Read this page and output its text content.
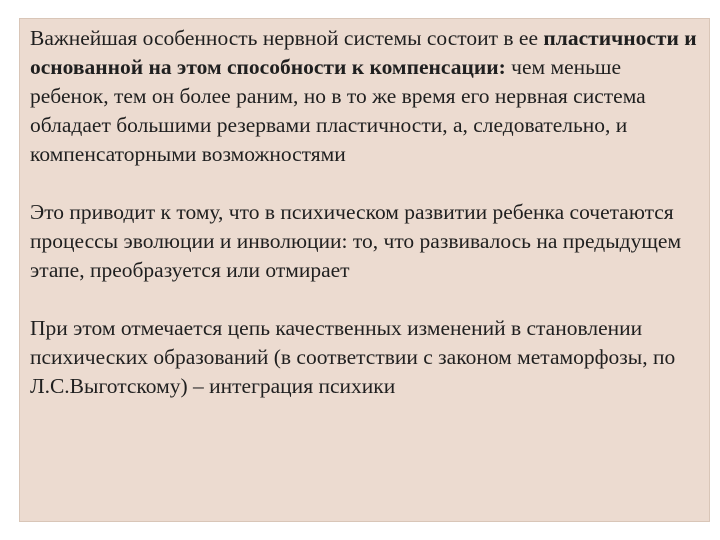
Важнейшая особенность нервной системы состоит в ее пластичности и основанной на этом способности к компенсации: чем меньше ребенок, тем он более раним, но в то же время его нервная система обладает большими резервами пластичности, а, следовательно, и компенсаторными возможностями

Это приводит к тому, что в психическом развитии ребенка сочетаются процессы эволюции и инволюции: то, что развивалось на предыдущем этапе, преобразуется или отмирает

При этом отмечается цепь качественных изменений в становлении психических образований (в соответствии с законом метаморфозы, по Л.С.Выготскому) – интеграция психики
